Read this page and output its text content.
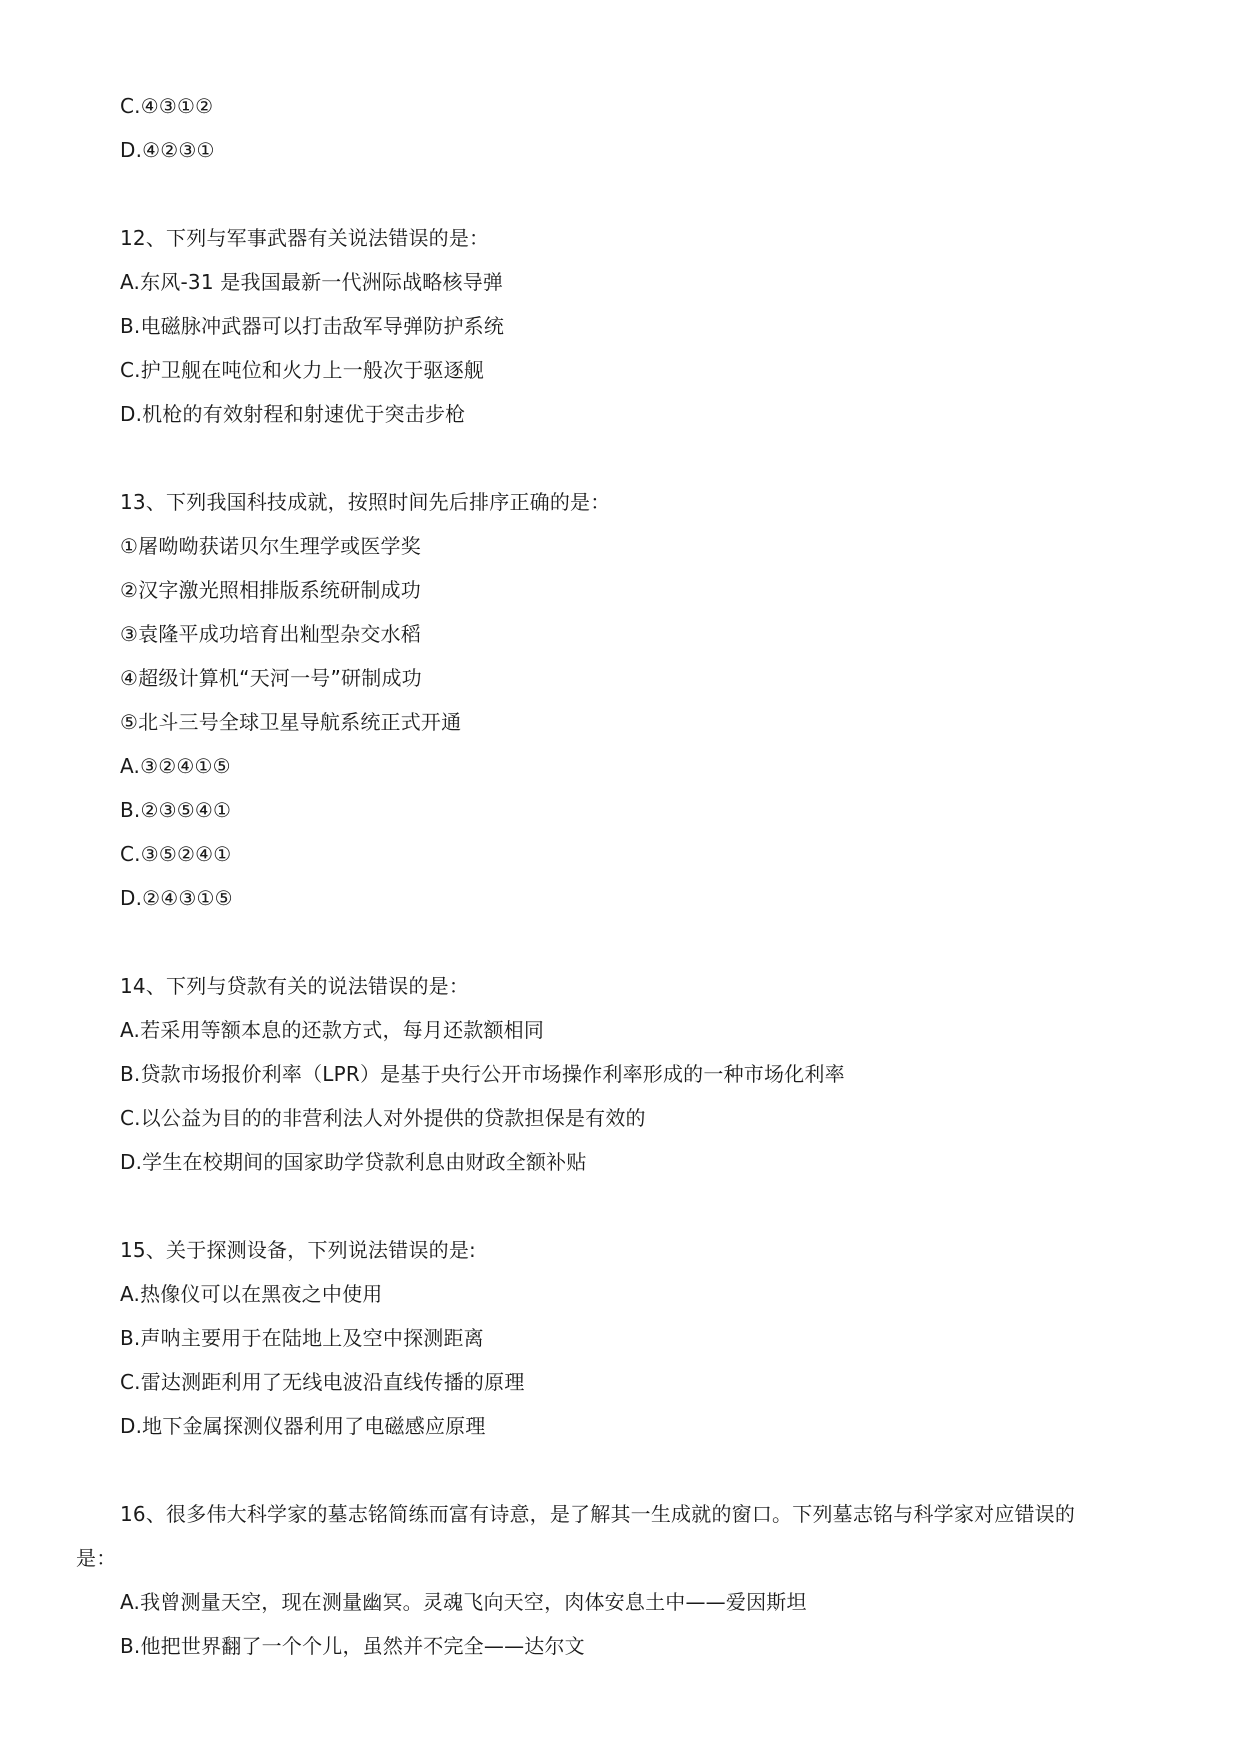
C.④③①②
D.④②③①
12、下列与军事武器有关说法错误的是：
A.东风-31 是我国最新一代洲际战略核导弹
B.电磁脉冲武器可以打击敌军导弹防护系统
C.护卫舰在吨位和火力上一般次于驱逐舰
D.机枪的有效射程和射速优于突击步枪
13、下列我国科技成就，按照时间先后排序正确的是：
①屠呦呦获诺贝尔生理学或医学奖
②汉字激光照相排版系统研制成功
③袁隆平成功培育出籼型杂交水稻
④超级计算机“天河一号”研制成功
⑤北斗三号全球卫星导航系统正式开通
A.③②④①⑤
B.②③⑤④①
C.③⑤②④①
D.②④③①⑤
14、下列与贷款有关的说法错误的是：
A.若采用等额本息的还款方式，每月还款额相同
B.贷款市场报价利率（LPR）是基于央行公开市场操作利率形成的一种市场化利率
C.以公益为目的的非营利法人对外提供的贷款担保是有效的
D.学生在校期间的国家助学贷款利息由财政全额补贴
15、关于探测设备，下列说法错误的是:
A.热像仪可以在黑夜之中使用
B.声呐主要用于在陆地上及空中探测距离
C.雷达测距利用了无线电波沿直线传播的原理
D.地下金属探测仪器利用了电磁感应原理
16、很多伟大科学家的墓志铭简练而富有诗意，是了解其一生成就的窗口。下列墓志铭与科学家对应错误的
是：
A.我曾测量天空，现在测量幽冥。灵魂飞向天空，肉体安息土中——爱因斯坦
B.他把世界翻了一个个儿，虽然并不完全——达尔文
